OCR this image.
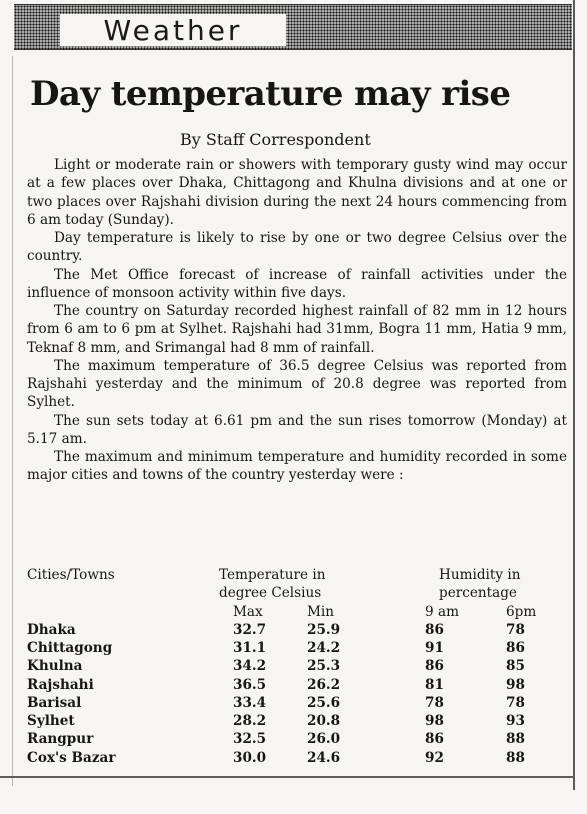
Weather
Day temperature may rise
By Staff Correspondent

Light or moderate rain or showers with temporary gusty wind may occur at a few places over Dhaka, Chittagong and Khulna divisions and at one or two places over Rajshahi division during the next 24 hours commencing from 6 am today (Sunday).

Day temperature is likely to rise by one or two degree Celsius over the country.

The Met Office forecast of increase of rainfall activities under the influence of monsoon activity within five days.

The country on Saturday recorded highest rainfall of 82 mm in 12 hours from 6 am to 6 pm at Sylhet. Rajshahi had 31mm, Bogra 11 mm, Hatia 9 mm, Teknaf 8 mm, and Srimangal had 8 mm of rainfall.

The maximum temperature of 36.5 degree Celsius was reported from Rajshahi yesterday and the minimum of 20.8 degree was reported from Sylhet.

The sun sets today at 6.61 pm and the sun rises tomorrow (Monday) at 5.17 am.

The maximum and minimum temperature and humidity recorded in some major cities and towns of the country yesterday were :

Cities/Towns	Temperature in	Humidity in
degree Celsius	percentage
Max	Min	9 am	6pm
Dhaka	32.7	25.9	86	78
Chittagong	31.1	24.2	91	86
Khulna	34.2	25.3	86	85
Rajshahi	36.5	26.2	81	98
Barisal	33.4	25.6	78	78
Sylhet	28.2	20.8	98	93
Rangpur	32.5	26.0	86	88
Cox's Bazar	30.0	24.6	92	88
